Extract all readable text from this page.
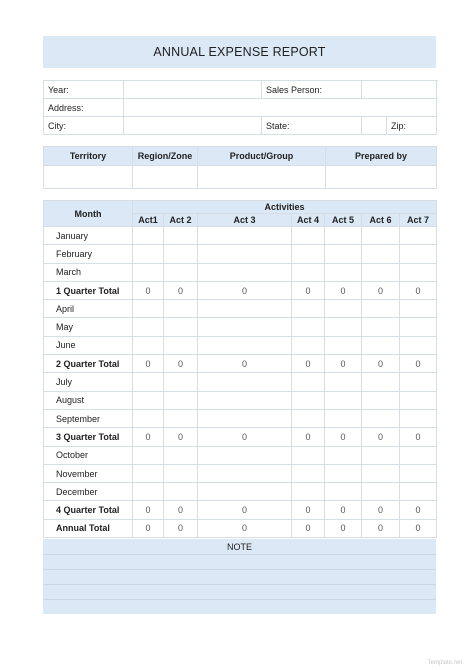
ANNUAL EXPENSE REPORT
Year:		Sales Person:			
Address:					
City:		State:		Zip:	
Territory	Region/Zone	Product/Group	Prepared by

Month	Activities						
	Act1	Act 2	Act 3	Act 4	Act 5	Act 6	Act 7
January							
February							
March							
1 Quarter Total	0	0	0	0	0	0	0
April							
May							
June							
2 Quarter Total	0	0	0	0	0	0	0
July							
August							
September							
3 Quarter Total	0	0	0	0	0	0	0
October							
November							
December							
4 Quarter Total	0	0	0	0	0	0	0
Annual Total	0	0	0	0	0	0	0
NOTE
Template.net
